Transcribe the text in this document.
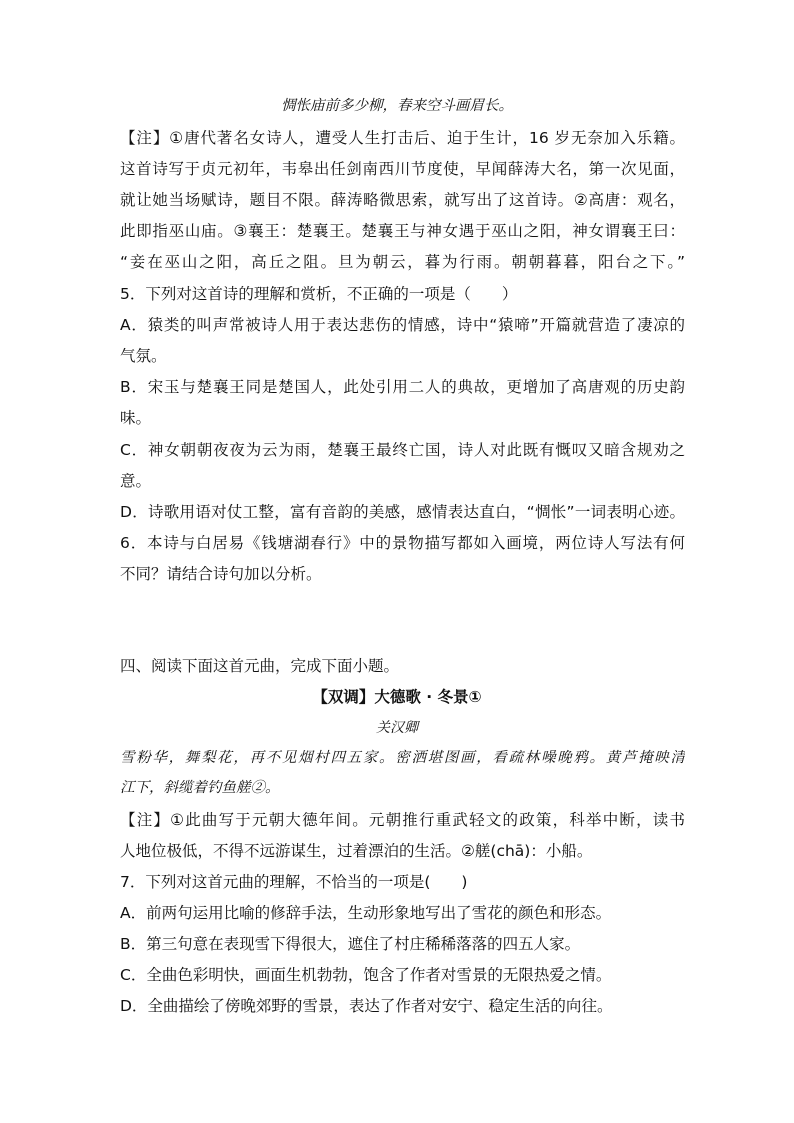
惆怅庙前多少柳，春来空斗画眉长。
【注】①唐代著名女诗人，遭受人生打击后、迫于生计，16 岁无奈加入乐籍。
这首诗写于贞元初年，韦皋出任剑南西川节度使，早闻薛涛大名，第一次见面，
就让她当场赋诗，题目不限。薛涛略微思索，就写出了这首诗。②高唐：观名，
此即指巫山庙。③襄王：楚襄王。楚襄王与神女遇于巫山之阳，神女谓襄王曰：
“妾在巫山之阳，高丘之阻。旦为朝云，暮为行雨。朝朝暮暮，阳台之下。”
5．下列对这首诗的理解和赏析，不正确的一项是（　　）
A．猿类的叫声常被诗人用于表达悲伤的情感，诗中“猿啼”开篇就营造了凄凉的
气氛。
B．宋玉与楚襄王同是楚国人，此处引用二人的典故，更增加了高唐观的历史韵
味。
C．神女朝朝夜夜为云为雨，楚襄王最终亡国，诗人对此既有慨叹又暗含规劝之
意。
D．诗歌用语对仗工整，富有音韵的美感，感情表达直白，“惆怅”一词表明心迹。
6．本诗与白居易《钱塘湖春行》中的景物描写都如入画境，两位诗人写法有何
不同？请结合诗句加以分析。
四、阅读下面这首元曲，完成下面小题。
【双调】大德歌 · 冬景①
关汉卿
雪粉华，舞梨花，再不见烟村四五家。密洒堪图画，看疏林噪晚鸦。黄芦掩映清
江下，斜缆着钓鱼艖②。
【注】①此曲写于元朝大德年间。元朝推行重武轻文的政策，科举中断，读书
人地位极低，不得不远游谋生，过着漂泊的生活。②艖(chā)：小船。
7．下列对这首元曲的理解，不恰当的一项是(　　)
A．前两句运用比喻的修辞手法，生动形象地写出了雪花的颜色和形态。
B．第三句意在表现雪下得很大，遮住了村庄稀稀落落的四五人家。
C．全曲色彩明快，画面生机勃勃，饱含了作者对雪景的无限热爱之情。
D．全曲描绘了傍晚郊野的雪景，表达了作者对安宁、稳定生活的向往。
